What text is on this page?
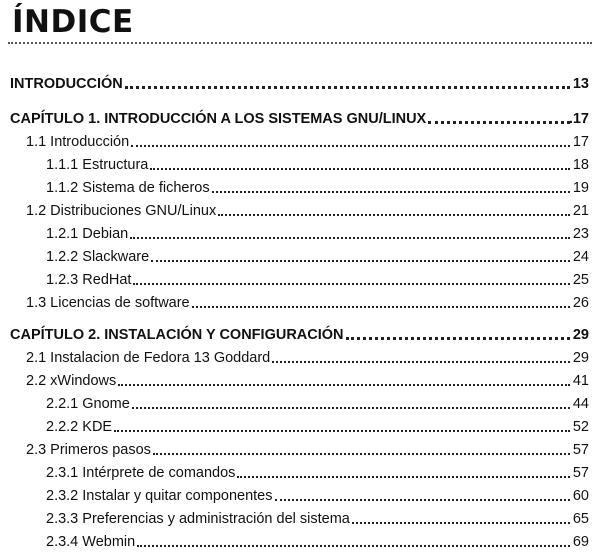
ÍNDICE
INTRODUCCIÓN	13
CAPÍTULO 1. INTRODUCCIÓN A LOS SISTEMAS GNU/LINUX	.17
1.1 Introducción	17
1.1.1 Estructura	18
1.1.2 Sistema de ficheros	19
1.2 Distribuciones GNU/Linux	21
1.2.1 Debian	23
1.2.2 Slackware	24
1.2.3 RedHat	25
1.3 Licencias de software	26
CAPÍTULO 2. INSTALACIÓN Y CONFIGURACIÓN	29
2.1 Instalacion de Fedora 13 Goddard	29
2.2 xWindows	41
2.2.1 Gnome	44
2.2.2 KDE	52
2.3 Primeros pasos	57
2.3.1 Intérprete de comandos	57
2.3.2 Instalar y quitar componentes	60
2.3.3 Preferencias y administración del sistema	65
2.3.4 Webmin	69
